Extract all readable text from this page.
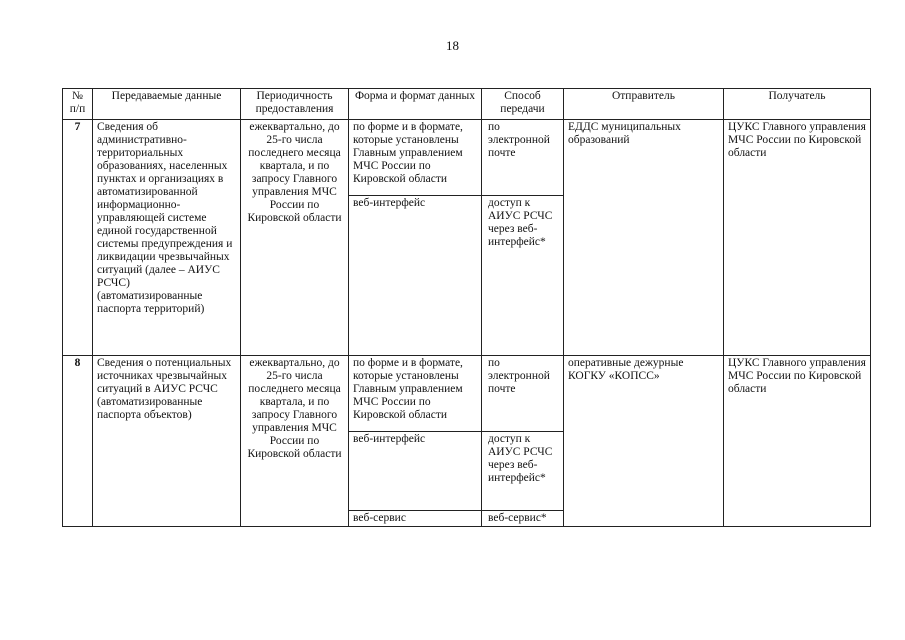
18
№ п/п	Передаваемые данные	Периодичность предоставления	Форма и формат данных	Способ передачи	Отправитель	Получатель
7	Сведения об административно-территориальных образованиях, населенных пунктах и организациях в автоматизированной информационно-управляющей системе единой государственной системы предупреждения и ликвидации чрезвычайных ситуаций (далее – АИУС РСЧС) (автоматизированные паспорта территорий)	ежеквартально, до 25-го числа последнего месяца квартала, и по запросу Главного управления МЧС России по Кировской области	по форме и в формате, которые установлены Главным управлением МЧС России по Кировской области	по электронной почте	ЕДДС муниципальных образований	ЦУКС Главного управления МЧС России по Кировской области
			веб-интерфейс	доступ к АИУС РСЧС через веб-интерфейс*		
8	Сведения о потенциальных источниках чрезвычайных ситуаций в АИУС РСЧС (автоматизированные паспорта объектов)	ежеквартально, до 25-го числа последнего месяца квартала, и по запросу Главного управления МЧС России по Кировской области	по форме и в формате, которые установлены Главным управлением МЧС России по Кировской области	по электронной почте	оперативные дежурные КОГКУ «КОПСС»	ЦУКС Главного управления МЧС России по Кировской области
			веб-интерфейс	доступ к АИУС РСЧС через веб-интерфейс*		
			веб-сервис	веб-сервис*		
